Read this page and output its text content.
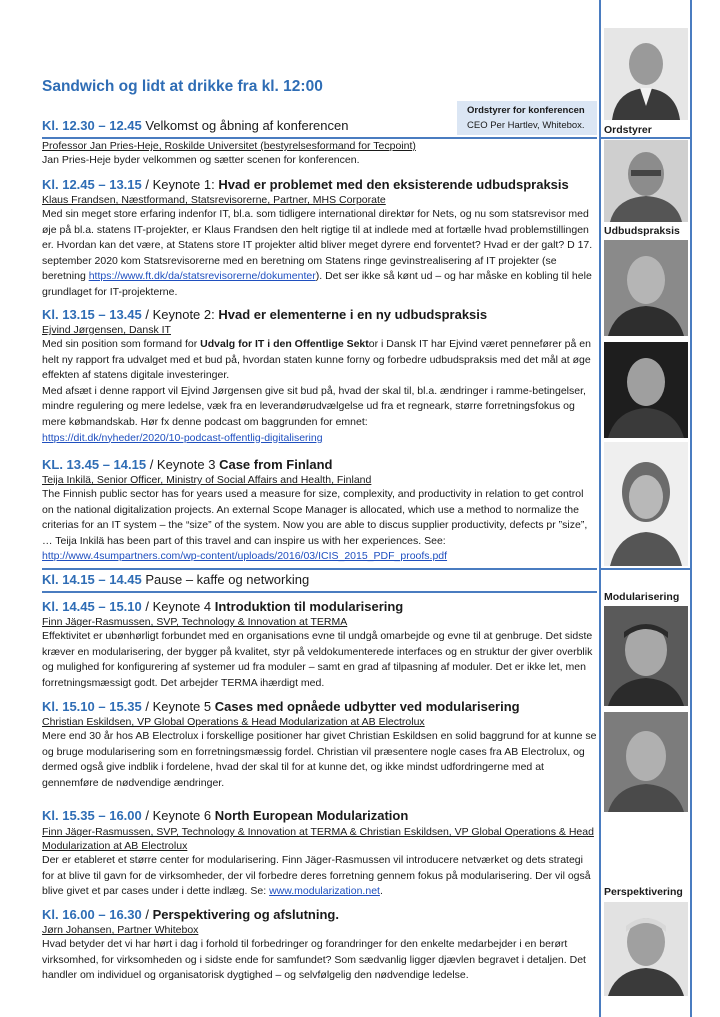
Sandwich og lidt at drikke fra kl. 12:00
Ordstyrer for konferencen
CEO Per Hartlev, Whitebox.
Kl. 12.30 – 12.45 Velkomst og åbning af konferencen
Professor Jan Pries-Heje, Roskilde Universitet (bestyrelsesformand for Tecpoint)

Jan Pries-Heje byder velkommen og sætter scenen for konferencen.

Kl. 12.45 – 13.15 / Keynote 1: Hvad er problemet med den eksisterende udbudspraksis
Klaus Frandsen, Næstformand, Statsrevisorerne, Partner, MHS Corporate

Med sin meget store erfaring indenfor IT, bl.a. som tidligere international direktør for Nets, og nu som statsrevisor med øje på bl.a. statens IT-projekter, er Klaus Frandsen den helt rigtige til at indlede med at fortælle hvad problemstillingen er. Hvordan kan det være, at Statens store IT projekter altid bliver meget dyrere end forventet? Hvad er der galt? D 17. september 2020 kom Statsrevisorerne med en beretning om Statens ringe gevinstrealisering af IT projekter (se beretning https://www.ft.dk/da/statsrevisorerne/dokumenter). Det ser ikke så kønt ud – og har måske en kobling til hele grundlaget for IT-projekterne.

Kl. 13.15 – 13.45 / Keynote 2: Hvad er elementerne i en ny udbudspraksis
Ejvind Jørgensen, Dansk IT

Med sin position som formand for Udvalg for IT i den Offentlige Sektor i Dansk IT har Ejvind været pennefører på en helt ny rapport fra udvalget med et bud på, hvordan staten kunne forny og forbedre udbudspraksis med det mål at øge effekten af statens digitale investeringer.

Med afsæt i denne rapport vil Ejvind Jørgensen give sit bud på, hvad der skal til, bl.a. ændringer i ramme-betingelser, mindre regulering og mere ledelse, væk fra en leverandørudvælgelse ud fra et regneark, større forretningsfokus og mere købmandskab. Hør fx denne podcast om baggrunden for emnet:

https://dit.dk/nyheder/2020/10-podcast-offentlig-digitalisering
KL. 13.45 – 14.15 / Keynote 3 Case from Finland
Teija Inkilä, Senior Officer, Ministry of Social Affairs and Health, Finland

The Finnish public sector has for years used a measure for size, complexity, and productivity in relation to get control on the national digitalization projects. An external Scope Manager is allocated, which use a method to normalize the criterias for an IT system – the “size” of the system. Now you are able to discus supplier productivity, defects pr ”size”, … Teija Inkilä has been part of this travel and can inspire us with her experiences. See: http://www.4sumpartners.com/wp-content/uploads/2016/03/ICIS_2015_PDF_proofs.pdf

Kl. 14.15 – 14.45 Pause – kaffe og networking
Kl. 14.45 – 15.10 / Keynote 4 Introduktion til modularisering
Finn Jäger-Rasmussen, SVP, Technology & Innovation at TERMA

Effektivitet er ubønhørligt forbundet med en organisations evne til undgå omarbejde og evne til at genbruge. Det sidste kræver en modularisering, der bygger på kvalitet, styr på veldokumenterede interfaces og en struktur der giver overblik og mulighed for konfigurering af systemer ud fra moduler – samt en grad af tilpasning af moduler. Det er ikke let, men forretningsmæssigt godt. Det arbejder TERMA ihærdigt med.

Kl. 15.10 – 15.35 / Keynote 5 Cases med opnåede udbytter ved modularisering
Christian Eskildsen, VP Global Operations & Head Modularization at AB Electrolux

Mere end 30 år hos AB Electrolux i forskellige positioner har givet Christian Eskildsen en solid baggrund for at kunne se og bruge modularisering som en forretningsmæssig fordel. Christian vil præsentere nogle cases fra AB Electrolux, og dermed også give indblik i fordelene, hvad der skal til for at kunne det, og ikke mindst udfordringerne med at gennemføre de nødvendige ændringer.

Kl. 15.35 – 16.00 / Keynote 6 North European Modularization
Finn Jäger-Rasmussen, SVP, Technology & Innovation at TERMA & Christian Eskildsen, VP Global Operations & Head Modularization at AB Electrolux

Der er etableret et større center for modularisering. Finn Jäger-Rasmussen vil introducere netværket og dets strategi for at blive til gavn for de virksomheder, der vil forbedre deres forretning gennem fokus på modularisering. Der vil også blive givet et par cases under i dette indlæg. Se: www.modularization.net.

Kl. 16.00 – 16.30 / Perspektivering og afslutning.
Jørn Johansen, Partner Whitebox

Hvad betyder det vi har hørt i dag i forhold til forbedringer og forandringer for den enkelte medarbejder i en berørt virksomhed, for virksomheden og i sidste ende for samfundet? Som sædvanlig ligger djævlen begravet i detaljen. Det handler om individuel og organisatorisk dygtighed – og selvfølgelig den nødvendige ledelse.

Ordstyrer
Udbudspraksis
Modularisering
Perspektivering
